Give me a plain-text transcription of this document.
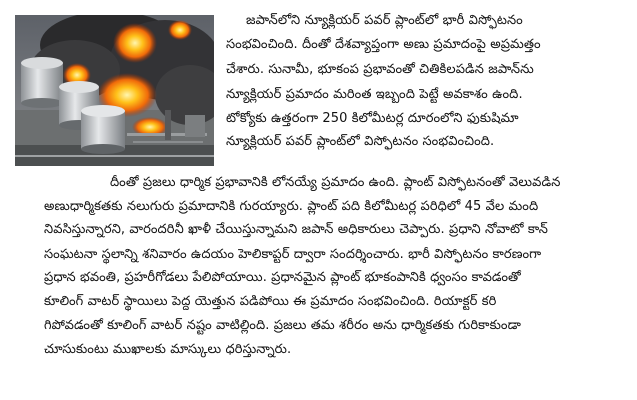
జపాన్‌లోని న్యూక్లియర్ పవర్ ప్లాంట్‌లో భారీ విస్ఫోటనం
సంభవించింది. దీంతో దేశవ్యాప్తంగా అణు ప్రమాదంపై అప్రమత్తం
చేశారు. సునామీ, భూకంప ప్రభావంతో చితికిలపడిన జపాన్‌ను
న్యూక్లియర్ ప్రమాదం మరింత ఇబ్బంది పెట్టే అవకాశం ఉంది.
టోక్యోకు ఉత్తరంగా 250 కిలోమీటర్ల దూరంలోని ఫుకుషిమా
న్యూక్లియర్ పవర్ ప్లాంట్‌లో విస్ఫోటనం సంభవించింది.
దీంతో ప్రజలు ధార్మిక ప్రభావానికి లోనయ్యే ప్రమాదం ఉంది. ప్లాంట్ విస్ఫోటనంతో వెలువడిన
అణుధార్మికతకు నలుగురు ప్రమాదానికి గురయ్యారు. ప్లాంట్ పది కిలోమీటర్ల పరిధిలో 45 వేల మంది
నివసిస్తున్నారని, వారందరినీ ఖాళీ చేయిస్తున్నామని జపాన్ అధికారులు చెప్పారు. ప్రధాని నోవాటో కాన్
సంఘటనా స్థలాన్ని శనివారం ఉదయం హెలికాప్టర్ ద్వారా సందర్శించారు. భారీ విస్ఫోటనం కారణంగా
ప్రధాన భవంతి, ప్రహరీగోడలు పేలిపోయాయి. ప్రధానమైన ప్లాంట్ భూకంపానికి ధ్వంసం కావడంతో
కూలింగ్ వాటర్ స్థాయిలు పెద్ద యెత్తున పడిపోయి ఈ ప్రమాదం సంభవించింది. రియాక్టర్ కరి
గిపోవడంతో కూలింగ్ వాటర్ నష్టం వాటిల్లింది. ప్రజలు తమ శరీరం అను ధార్మికతకు గురికాకుండా
చూసుకుంటు ముఖాలకు మాస్కులు ధరిస్తున్నారు.
